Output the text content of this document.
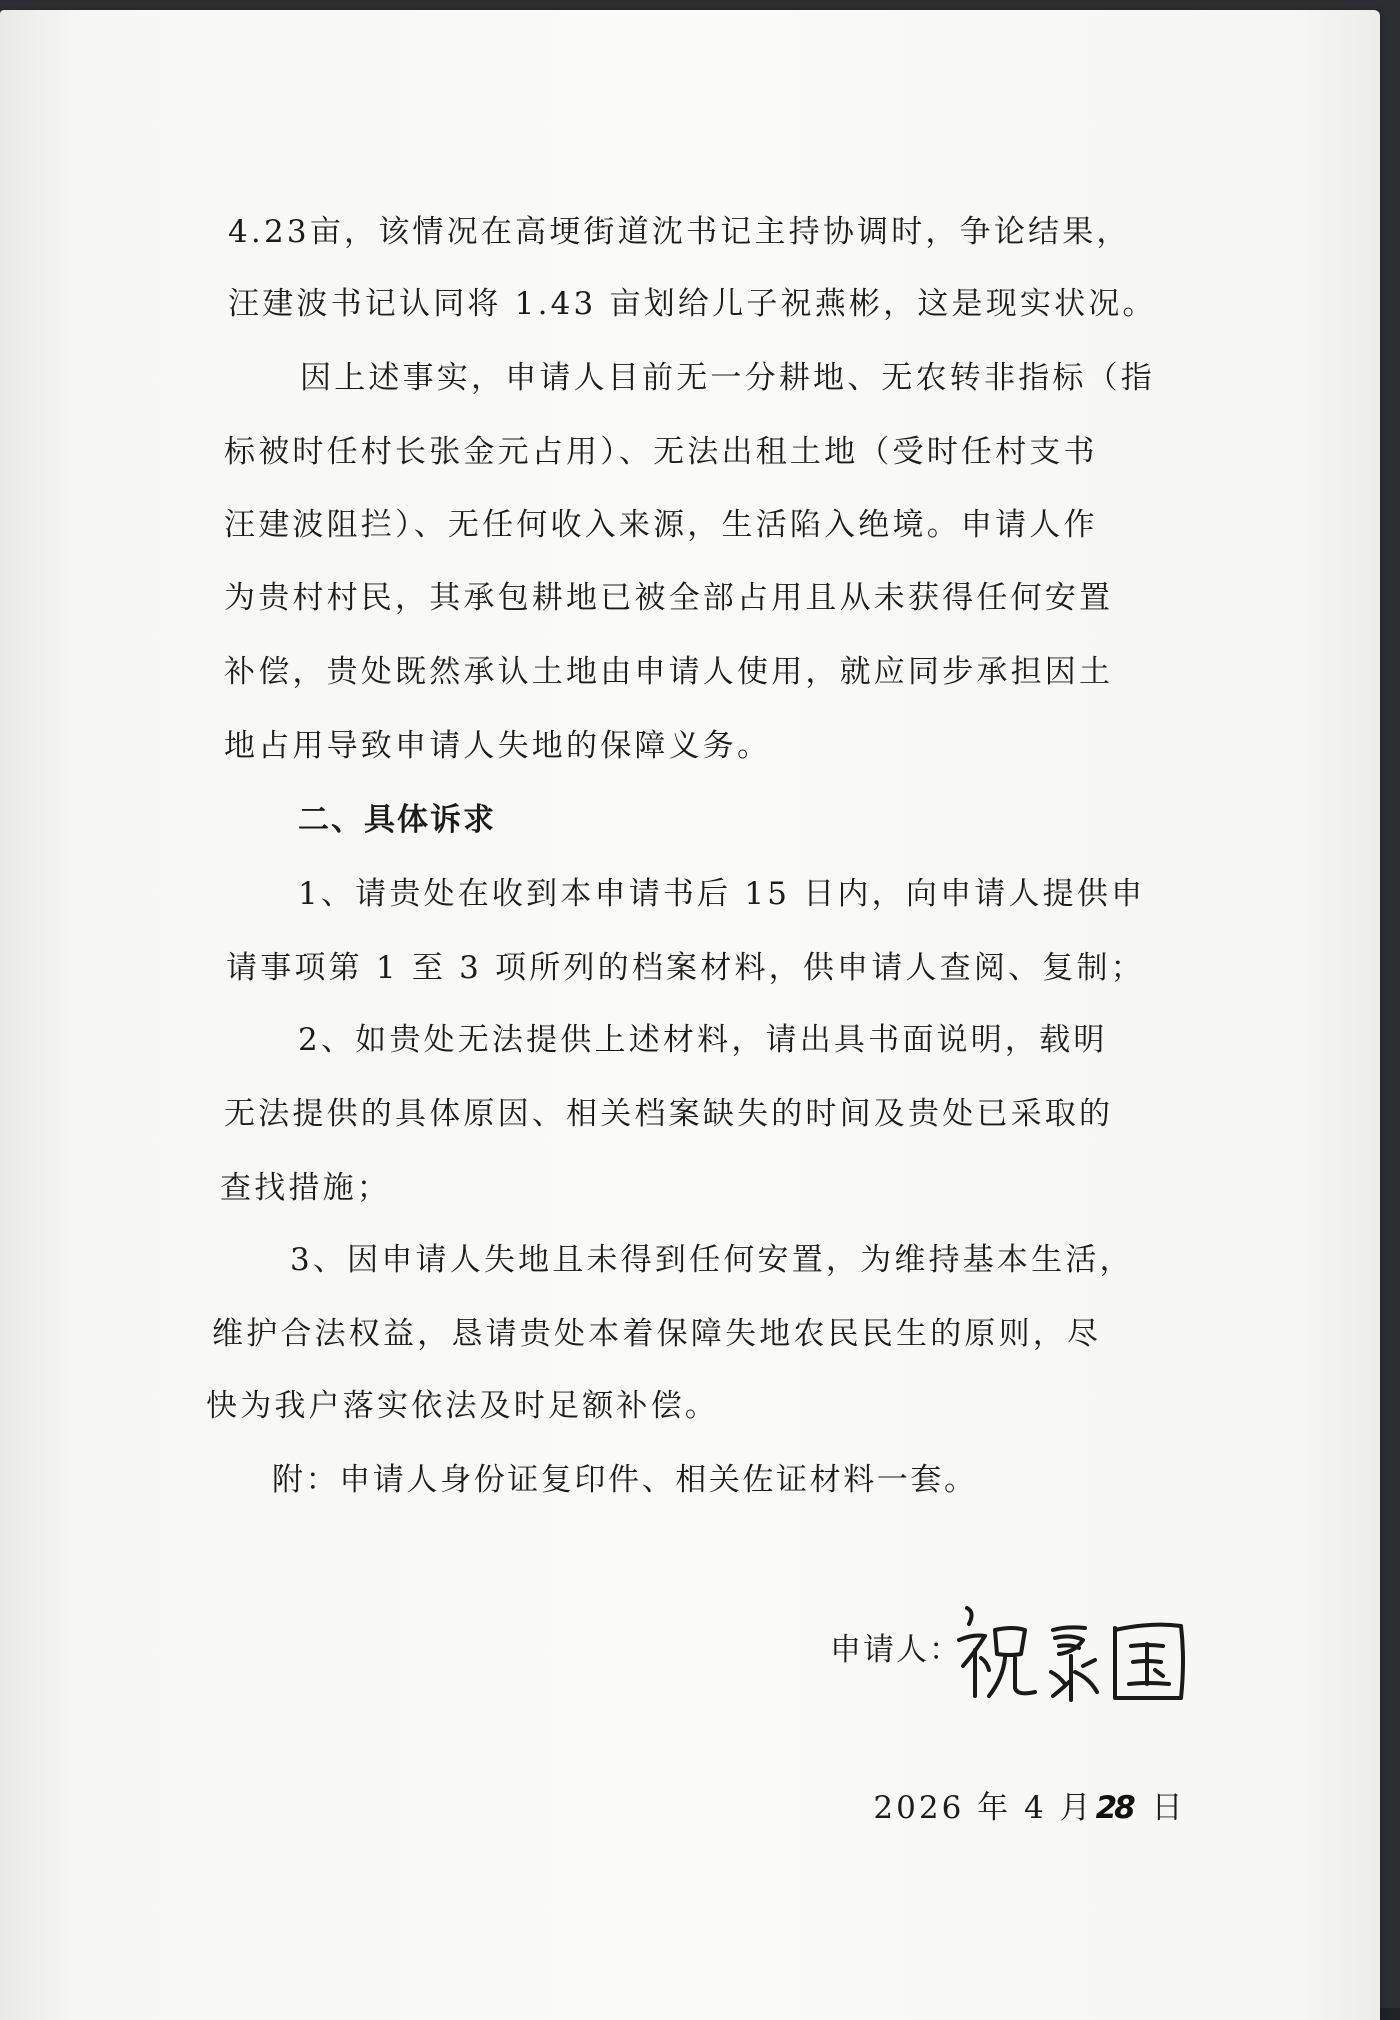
4.23亩，该情况在高埂街道沈书记主持协调时，争论结果，
汪建波书记认同将 1.43 亩划给儿子祝燕彬，这是现实状况。
因上述事实，申请人目前无一分耕地、无农转非指标（指
标被时任村长张金元占用）、无法出租土地（受时任村支书
汪建波阻拦）、无任何收入来源，生活陷入绝境。申请人作
为贵村村民，其承包耕地已被全部占用且从未获得任何安置
补偿，贵处既然承认土地由申请人使用，就应同步承担因土
地占用导致申请人失地的保障义务。
二、具体诉求
1、请贵处在收到本申请书后 15 日内，向申请人提供申
请事项第 1 至 3 项所列的档案材料，供申请人查阅、复制；
2、如贵处无法提供上述材料，请出具书面说明，载明
无法提供的具体原因、相关档案缺失的时间及贵处已采取的
查找措施；
3、因申请人失地且未得到任何安置，为维持基本生活，
维护合法权益，恳请贵处本着保障失地农民民生的原则，尽
快为我户落实依法及时足额补偿。
附：申请人身份证复印件、相关佐证材料一套。
申请人：

2026 年 4 月28 日
